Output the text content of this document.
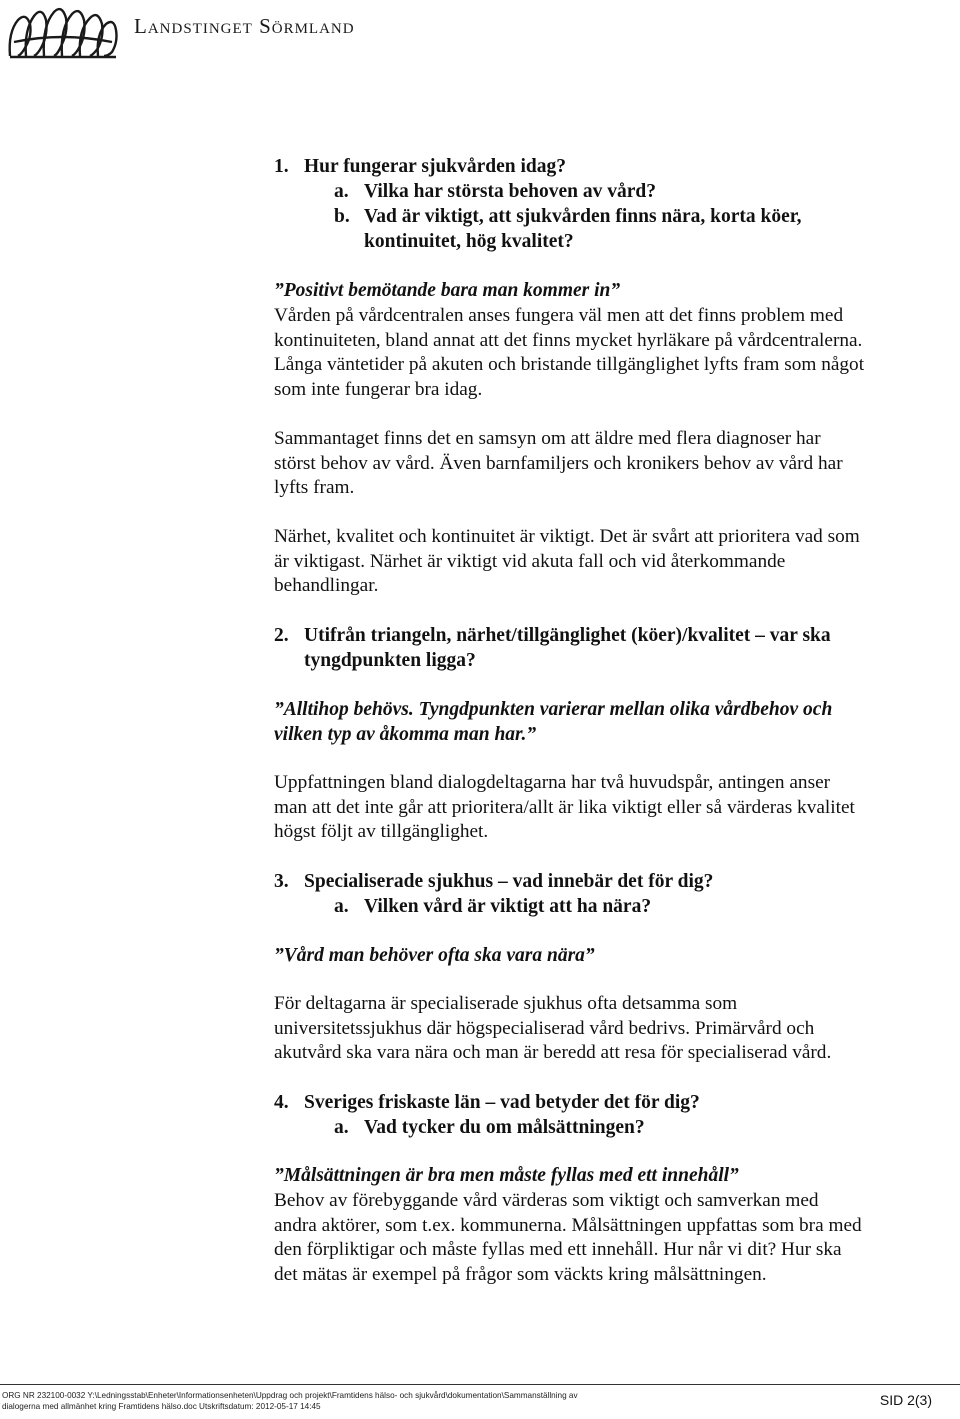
Landstinget Sörmland
1. Hur fungerar sjukvården idag?
a. Vilka har största behoven av vård?
b. Vad är viktigt, att sjukvården finns nära, korta köer,
kontinuitet, hög kvalitet?
”Positivt bemötande bara man kommer in”
Vården på vårdcentralen anses fungera väl men att det finns problem med
kontinuiteten, bland annat att det finns mycket hyrläkare på vårdcentralerna.
Långa väntetider på akuten och bristande tillgänglighet lyfts fram som något
som inte fungerar bra idag.
Sammantaget finns det en samsyn om att äldre med flera diagnoser har
störst behov av vård. Även barnfamiljers och kronikers behov av vård har
lyfts fram.
Närhet, kvalitet och kontinuitet är viktigt. Det är svårt att prioritera vad som
är viktigast. Närhet är viktigt vid akuta fall och vid återkommande
behandlingar.
2. Utifrån triangeln, närhet/tillgänglighet (köer)/kvalitet – var ska
tyngdpunkten ligga?
”Alltihop behövs. Tyngdpunkten varierar mellan olika vårdbehov och
vilken typ av åkomma man har.”
Uppfattningen bland dialogdeltagarna har två huvudspår, antingen anser
man att det inte går att prioritera/allt är lika viktigt eller så värderas kvalitet
högst följt av tillgänglighet.
3. Specialiserade sjukhus – vad innebär det för dig?
a. Vilken vård är viktigt att ha nära?
”Vård man behöver ofta ska vara nära”
För deltagarna är specialiserade sjukhus ofta detsamma som
universitetssjukhus där högspecialiserad vård bedrivs. Primärvård och
akutvård ska vara nära och man är beredd att resa för specialiserad vård.
4. Sveriges friskaste län – vad betyder det för dig?
a. Vad tycker du om målsättningen?
”Målsättningen är bra men måste fyllas med ett innehåll”
Behov av förebyggande vård värderas som viktigt och samverkan med
andra aktörer, som t.ex. kommunerna. Målsättningen uppfattas som bra med
den förpliktigar och måste fyllas med ett innehåll. Hur når vi dit? Hur ska
det mätas är exempel på frågor som väckts kring målsättningen.
ORG NR 232100-0032 Y:\Ledningsstab\Enheter\Informationsenheten\Uppdrag och projekt\Framtidens hälso- och sjukvård\dokumentation\Sammanställning av
dialogerna med allmänhet kring Framtidens hälso.doc Utskriftsdatum: 2012-05-17 14:45	SID 2(3)
